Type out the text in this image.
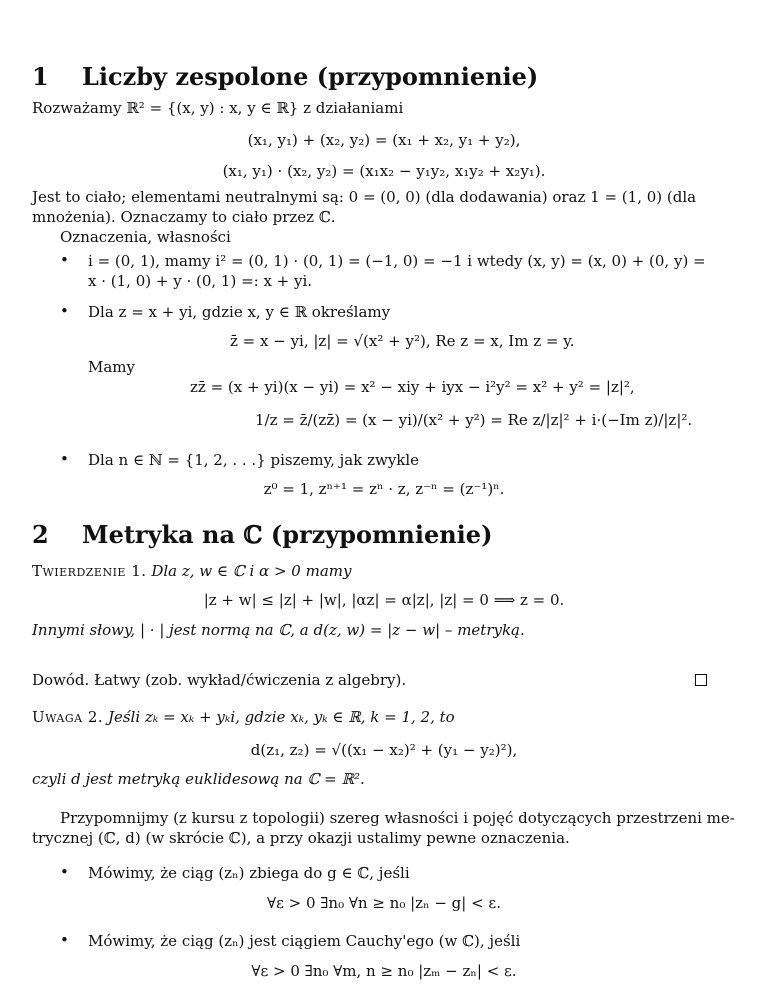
1 Liczby zespolone (przypomnienie)
Rozważamy ℝ² = {(x, y) : x, y ∈ ℝ} z działaniami
(x₁, y₁) + (x₂, y₂) = (x₁ + x₂, y₁ + y₂),
(x₁, y₁) · (x₂, y₂) = (x₁x₂ − y₁y₂, x₁y₂ + x₂y₁).
Jest to ciało; elementami neutralnymi są: 0 = (0, 0) (dla dodawania) oraz 1 = (1, 0) (dla
mnożenia). Oznaczamy to ciało przez ℂ.
Oznaczenia, własności
• i = (0, 1), mamy i² = (0, 1) · (0, 1) = (−1, 0) = −1 i wtedy (x, y) = (x, 0) + (0, y) =
x · (1, 0) + y · (0, 1) =: x + yi.
• Dla z = x + yi, gdzie x, y ∈ ℝ określamy
z̄ = x − yi, |z| = √(x² + y²), Re z = x, Im z = y.
Mamy
zz̄ = (x + yi)(x − yi) = x² − xiy + iyx − i²y² = x² + y² = |z|²,
1/z = z̄/(zz̄) = (x − yi)/(x² + y²) = Re z/|z|² + i·(−Im z)/|z|².
• Dla n ∈ ℕ = {1, 2, . . .} piszemy, jak zwykle
z⁰ = 1, zⁿ⁺¹ = zⁿ · z, z⁻ⁿ = (z⁻¹)ⁿ.
2 Metryka na ℂ (przypomnienie)
Twierdzenie 1. Dla z, w ∈ ℂ i α > 0 mamy
|z + w| ≤ |z| + |w|, |αz| = α|z|, |z| = 0 ⟹ z = 0.
Innymi słowy, | · | jest normą na ℂ, a d(z, w) = |z − w| – metryką.
Dowód. Łatwy (zob. wykład/ćwiczenia z algebry).
Uwaga 2. Jeśli zₖ = xₖ + yₖi, gdzie xₖ, yₖ ∈ ℝ, k = 1, 2, to
d(z₁, z₂) = √((x₁ − x₂)² + (y₁ − y₂)²),
czyli d jest metryką euklidesową na ℂ = ℝ².
Przypomnijmy (z kursu z topologii) szereg własności i pojęć dotyczących przestrzeni me-
trycznej (ℂ, d) (w skrócie ℂ), a przy okazji ustalimy pewne oznaczenia.
• Mówimy, że ciąg (zₙ) zbiega do g ∈ ℂ, jeśli
∀ε > 0 ∃n₀ ∀n ≥ n₀ |zₙ − g| < ε.
• Mówimy, że ciąg (zₙ) jest ciągiem Cauchy'ego (w ℂ), jeśli
∀ε > 0 ∃n₀ ∀m, n ≥ n₀ |zₘ − zₙ| < ε.
